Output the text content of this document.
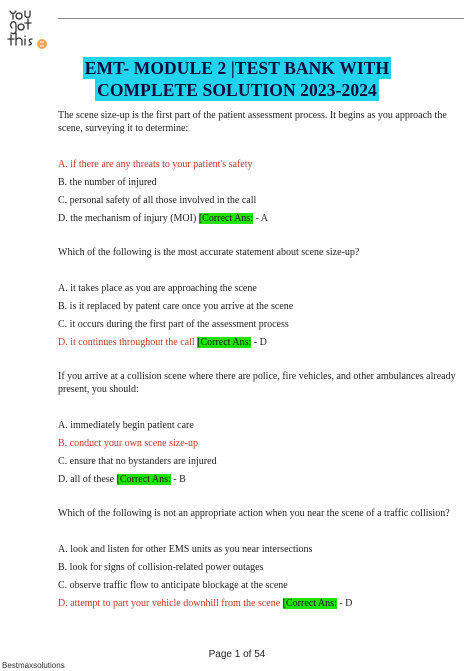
EMT- MODULE 2 |TEST BANK WITH
COMPLETE SOLUTION 2023-2024

The scene size-up is the first part of the patient assessment process. It begins as you approach the scene, surveying it to determine:

A. if there are any threats to your patient's safety

B. the number of injured

C. personal safety of all those involved in the call

D. the mechanism of injury (MOI) [Correct Ans: - A

Which of the following is the most accurate statement about scene size-up?

A. it takes place as you are approaching the scene

B. is it replaced by patent care once you arrive at the scene

C. it occurs during the first part of the assessment process

D. it continues throughout the call [Correct Ans: - D

If you arrive at a collision scene where there are police, fire vehicles, and other ambulances already present, you should:

A. immediately begin patient care

B. conduct your own scene size-up

C. ensure that no bystanders are injured

D. all of these [Correct Ans: - B

Which of the following is not an appropriate action when you near the scene of a traffic collision?

A. look and listen for other EMS units as you near intersections

B. look for signs of collision-related power outages

C. observe traffic flow to anticipate blockage at the scene

D. attempt to part your vehicle downhill from the scene [Correct Ans: - D

Page 1 of 54
Bestmaxsolutions
